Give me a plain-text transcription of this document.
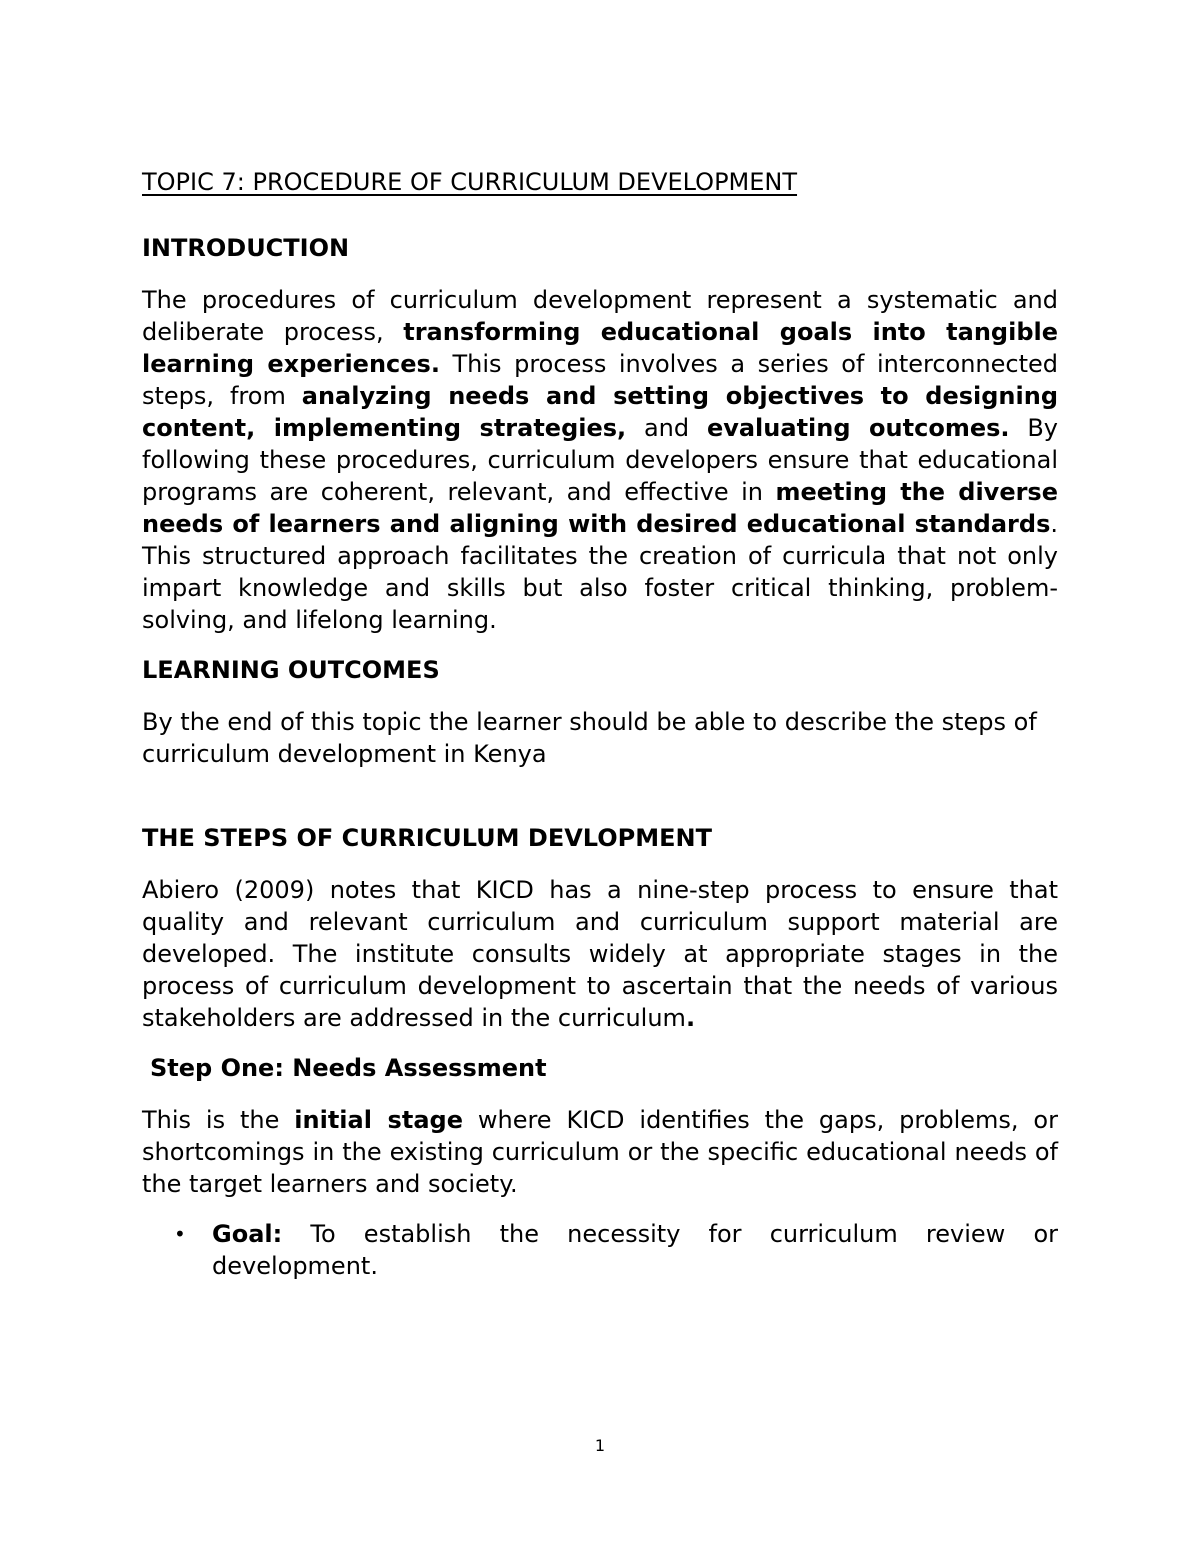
TOPIC 7: PROCEDURE OF CURRICULUM DEVELOPMENT
INTRODUCTION

The procedures of curriculum development represent a systematic and deliberate process, transforming educational goals into tangible learning experiences. This process involves a series of interconnected steps, from analyzing needs and setting objectives to designing content, implementing strategies, and evaluating outcomes. By following these procedures, curriculum developers ensure that educational programs are coherent, relevant, and effective in meeting the diverse needs of learners and aligning with desired educational standards. This structured approach facilitates the creation of curricula that not only impart knowledge and skills but also foster critical thinking, problem-solving, and lifelong learning.

LEARNING OUTCOMES

By the end of this topic the learner should be able to describe the steps of curriculum development in Kenya

THE STEPS OF CURRICULUM DEVLOPMENT

Abiero (2009) notes that KICD has a nine-step process to ensure that quality and relevant curriculum and curriculum support material are developed. The institute consults widely at appropriate stages in the process of curriculum development to ascertain that the needs of various stakeholders are addressed in the curriculum.

Step One: Needs Assessment

This is the initial stage where KICD identifies the gaps, problems, or shortcomings in the existing curriculum or the specific educational needs of the target learners and society.

• Goal: To establish the necessity for curriculum review or development.
1
